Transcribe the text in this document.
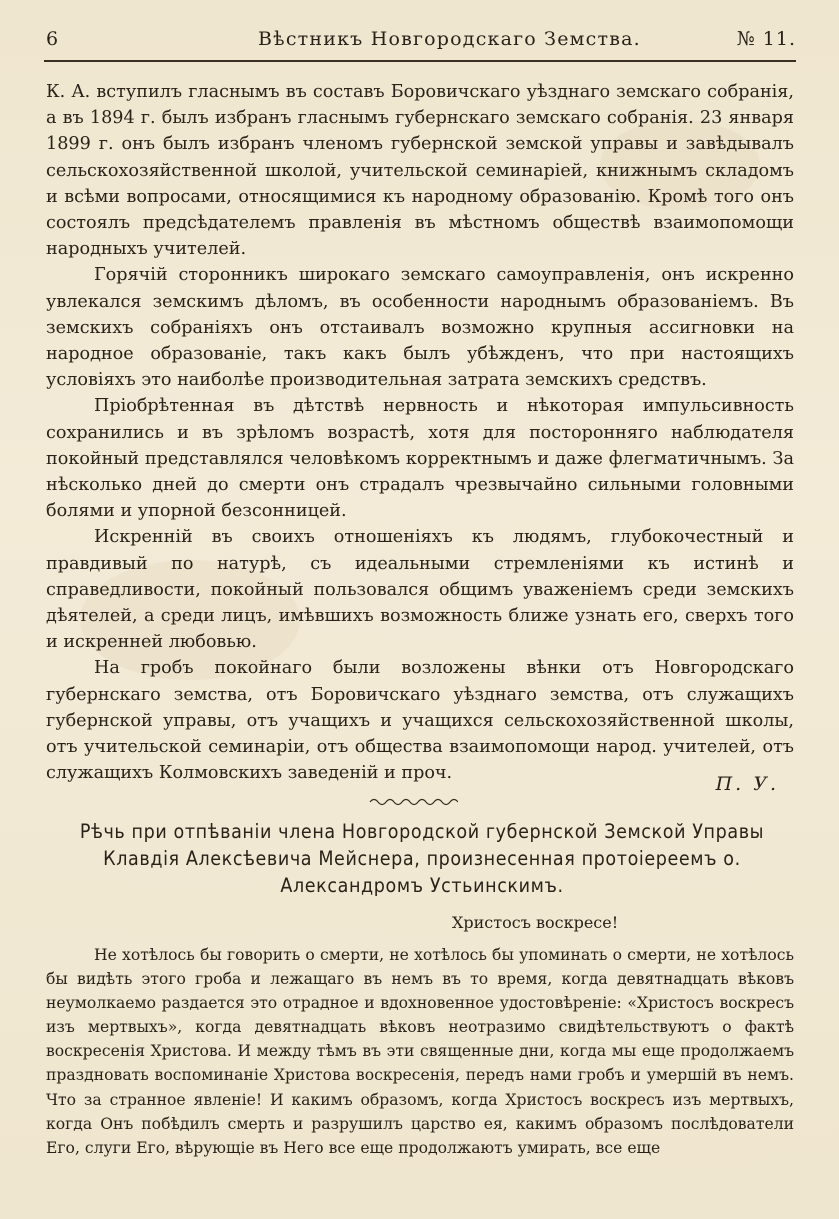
6	Вѣстникъ Новгородскаго Земства.	№ 11.

К. А. вступилъ гласнымъ въ составъ Боровичскаго уѣзднаго земскаго собранія, а въ 1894 г. былъ избранъ гласнымъ губернскаго земскаго собранія. 23 января 1899 г. онъ былъ избранъ членомъ губернской земской управы и завѣдывалъ сельскохозяйственной школой, учительской семинаріей, книжнымъ складомъ и всѣми вопросами, относящимися къ народному образованію. Кромѣ того онъ состоялъ предсѣдателемъ правленія въ мѣстномъ обществѣ взаимопомощи народныхъ учителей.

Горячій сторонникъ широкаго земскаго самоуправленія, онъ искренно увлекался земскимъ дѣломъ, въ особенности народнымъ образованіемъ. Въ земскихъ собраніяхъ онъ отстаивалъ возможно крупныя ассигновки на народное образованіе, такъ какъ былъ убѣжденъ, что при настоящихъ условіяхъ это наиболѣе производительная затрата земскихъ средствъ.

Пріобрѣтенная въ дѣтствѣ нервность и нѣкоторая импульсивность сохранились и въ зрѣломъ возрастѣ, хотя для посторонняго наблюдателя покойный представлялся человѣкомъ корректнымъ и даже флегматичнымъ. За нѣсколько дней до смерти онъ страдалъ чрезвычайно сильными головными болями и упорной безсонницей.

Искренній въ своихъ отношеніяхъ къ людямъ, глубокочестный и правдивый по натурѣ, съ идеальными стремленіями къ истинѣ и справедливости, покойный пользовался общимъ уваженіемъ среди земскихъ дѣятелей, а среди лицъ, имѣвшихъ возможность ближе узнать его, сверхъ того и искренней любовью.

На гробъ покойнаго были возложены вѣнки отъ Новгородскаго губернскаго земства, отъ Боровичскаго уѣзднаго земства, отъ служащихъ губернской управы, отъ учащихъ и учащихся сельскохозяйственной школы, отъ учительской семинаріи, отъ общества взаимопомощи народ. учителей, отъ служащихъ Колмовскихъ заведеній и проч.	П. У.
Рѣчь при отпѣваніи члена Новгородской губернской Земской Управы Клавдія Алексѣевича Мейснера, произнесенная протоіереемъ о. Александромъ Устьинскимъ.
Христосъ воскресе!

Не хотѣлось бы говорить о смерти, не хотѣлось бы упоминать о смерти, не хотѣлось бы видѣть этого гроба и лежащаго въ немъ въ то время, когда девятнадцать вѣковъ неумолкаемо раздается это отрадное и вдохновенное удостовѣреніе: «Христосъ воскресъ изъ мертвыхъ», когда девятнадцать вѣковъ неотразимо свидѣтельствуютъ о фактѣ воскресенія Христова. И между тѣмъ въ эти священные дни, когда мы еще продолжаемъ праздновать воспоминаніе Христова воскресенія, передъ нами гробъ и умершій въ немъ. Что за странное явленіе! И какимъ образомъ, когда Христосъ воскресъ изъ мертвыхъ, когда Онъ побѣдилъ смерть и разрушилъ царство ея, какимъ образомъ послѣдователи Его, слуги Его, вѣрующіе въ Него все еще продолжаютъ умирать, все еще
